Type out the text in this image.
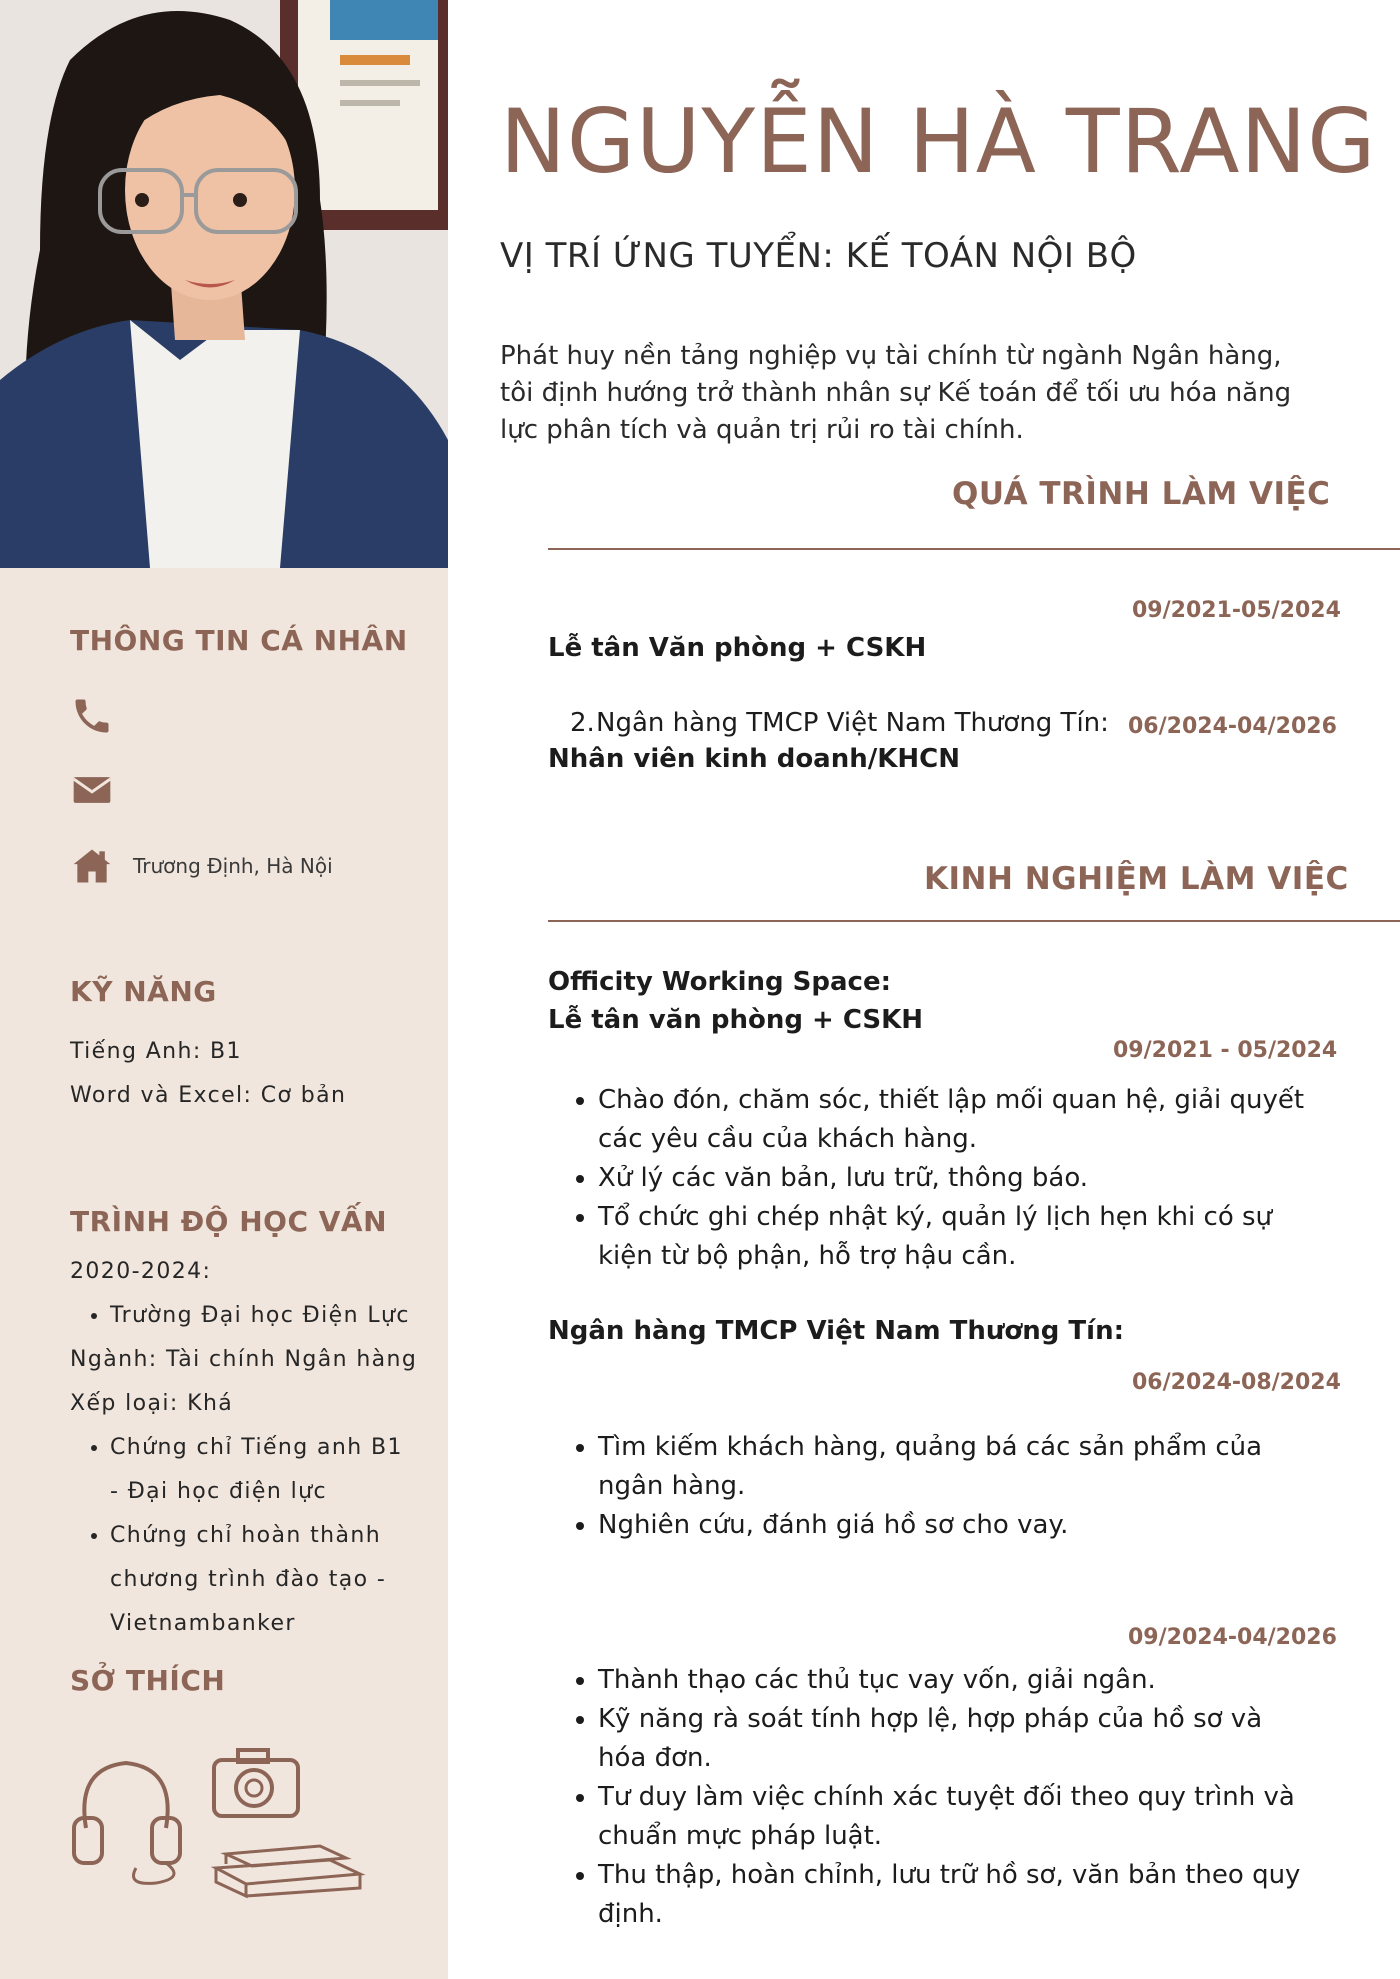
THÔNG TIN CÁ NHÂN
Trương Định, Hà Nội
KỸ NĂNG
Tiếng Anh: B1
Word và Excel: Cơ bản
TRÌNH ĐỘ HỌC VẤN
2020-2024:
• Trường Đại học Điện Lực
Ngành: Tài chính Ngân hàng
Xếp loại: Khá
• Chứng chỉ Tiếng anh B1
- Đại học điện lực
• Chứng chỉ hoàn thành
chương trình đào tạo -
Vietnambanker
SỞ THÍCH
NGUYỄN HÀ TRANG
VỊ TRÍ ỨNG TUYỂN: KẾ TOÁN NỘI BỘ
Phát huy nền tảng nghiệp vụ tài chính từ ngành Ngân hàng, tôi định hướng trở thành nhân sự Kế toán để tối ưu hóa năng lực phân tích và quản trị rủi ro tài chính.
QUÁ TRÌNH LÀM VIỆC
09/2021-05/2024
Lễ tân Văn phòng + CSKH
2. Ngân hàng TMCP Việt Nam Thương Tín: 06/2024-04/2026
Nhân viên kinh doanh/KHCN
KINH NGHIỆM LÀM VIỆC
Officity Working Space:
Lễ tân văn phòng + CSKH
09/2021 - 05/2024
• Chào đón, chăm sóc, thiết lập mối quan hệ, giải quyết các yêu cầu của khách hàng.
• Xử lý các văn bản, lưu trữ, thông báo.
• Tổ chức ghi chép nhật ký, quản lý lịch hẹn khi có sự kiện từ bộ phận, hỗ trợ hậu cần.
Ngân hàng TMCP Việt Nam Thương Tín:
06/2024-08/2024
• Tìm kiếm khách hàng, quảng bá các sản phẩm của ngân hàng.
• Nghiên cứu, đánh giá hồ sơ cho vay.
09/2024-04/2026
• Thành thạo các thủ tục vay vốn, giải ngân.
• Kỹ năng rà soát tính hợp lệ, hợp pháp của hồ sơ và hóa đơn.
• Tư duy làm việc chính xác tuyệt đối theo quy trình và chuẩn mực pháp luật.
• Thu thập, hoàn chỉnh, lưu trữ hồ sơ, văn bản theo quy định.
